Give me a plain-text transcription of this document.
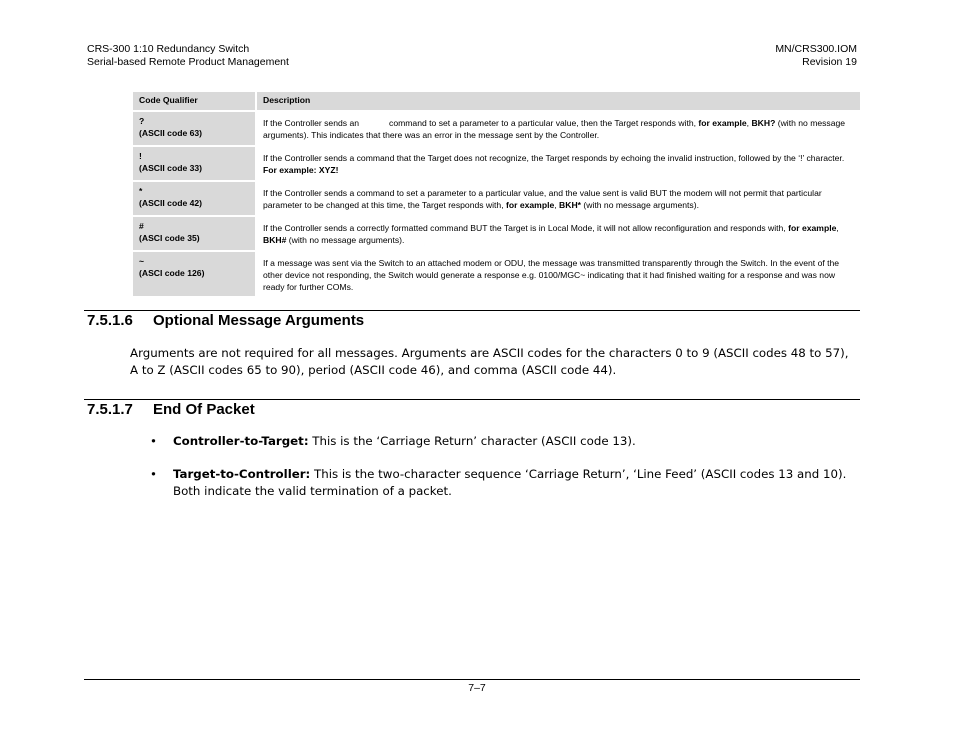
CRS-300 1:10 Redundancy Switch
Serial-based Remote Product Management
MN/CRS300.IOM
Revision 19
Code Qualifier	Description

?
(ASCII code 63)	If the Controller sends an command to set a parameter to a particular value, then the Target responds with, for example, BKH? (with no message arguments). This indicates that there was an error in the message sent by the Controller.

!
(ASCII code 33)	If the Controller sends a command that the Target does not recognize, the Target responds by echoing the invalid instruction, followed by the ‘!’ character. For example: XYZ!

*
(ASCII code 42)	If the Controller sends a command to set a parameter to a particular value, and the value sent is valid BUT the modem will not permit that particular parameter to be changed at this time, the Target responds with, for example, BKH* (with no message arguments).

#
(ASCI code 35)	If the Controller sends a correctly formatted command BUT the Target is in Local Mode, it will not allow reconfiguration and responds with, for example, BKH# (with no message arguments).

~
(ASCI code 126)	If a message was sent via the Switch to an attached modem or ODU, the message was transmitted transparently through the Switch. In the event of the other device not responding, the Switch would generate a response e.g. 0100/MGC~ indicating that it had finished waiting for a response and was now ready for further COMs.
7.5.1.6 Optional Message Arguments
Arguments are not required for all messages. Arguments are ASCII codes for the characters 0 to 9 (ASCII codes 48 to 57), A to Z (ASCII codes 65 to 90), period (ASCII code 46), and comma (ASCII code 44).
7.5.1.7 End Of Packet
• Controller-to-Target: This is the ‘Carriage Return’ character (ASCII code 13).
• Target-to-Controller: This is the two-character sequence ‘Carriage Return’, ‘Line Feed’ (ASCII codes 13 and 10). Both indicate the valid termination of a packet.
7–7
